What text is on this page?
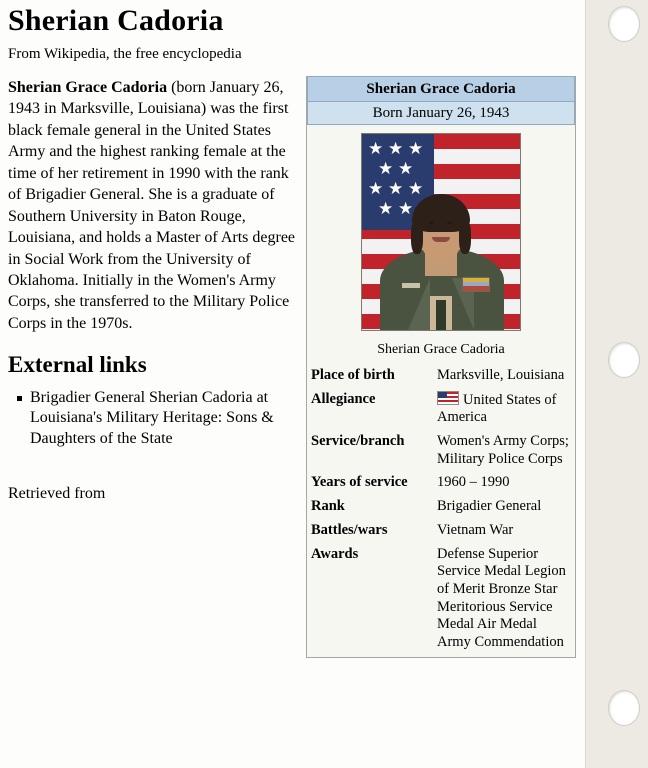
Sherian Cadoria
From Wikipedia, the free encyclopedia

Sherian Grace Cadoria (born January 26, 1943 in Marksville, Louisiana) was the first black female general in the United States Army and the highest ranking female at the time of her retirement in 1990 with the rank of Brigadier General. She is a graduate of Southern University in Baton Rouge, Louisiana, and holds a Master of Arts degree in Social Work from the University of Oklahoma. Initially in the Women's Army Corps, she transferred to the Military Police Corps in the 1970s.

External links
Brigadier General Sherian Cadoria at Louisiana's Military Heritage: Sons & Daughters of the State
Retrieved from
Sherian Grace Cadoria
Born January 26, 1943
★ ★ ★
★ ★
★ ★ ★
★ ★
Sherian Grace Cadoria
Place of birth	Marksville, Louisiana
Allegiance	United States of America
Service/branch	Women's Army Corps; Military Police Corps
Years of service	1960 – 1990
Rank	Brigadier General
Battles/wars	Vietnam War
Awards	Defense Superior Service Medal Legion of Merit Bronze Star Meritorious Service Medal Air Medal Army Commendation
